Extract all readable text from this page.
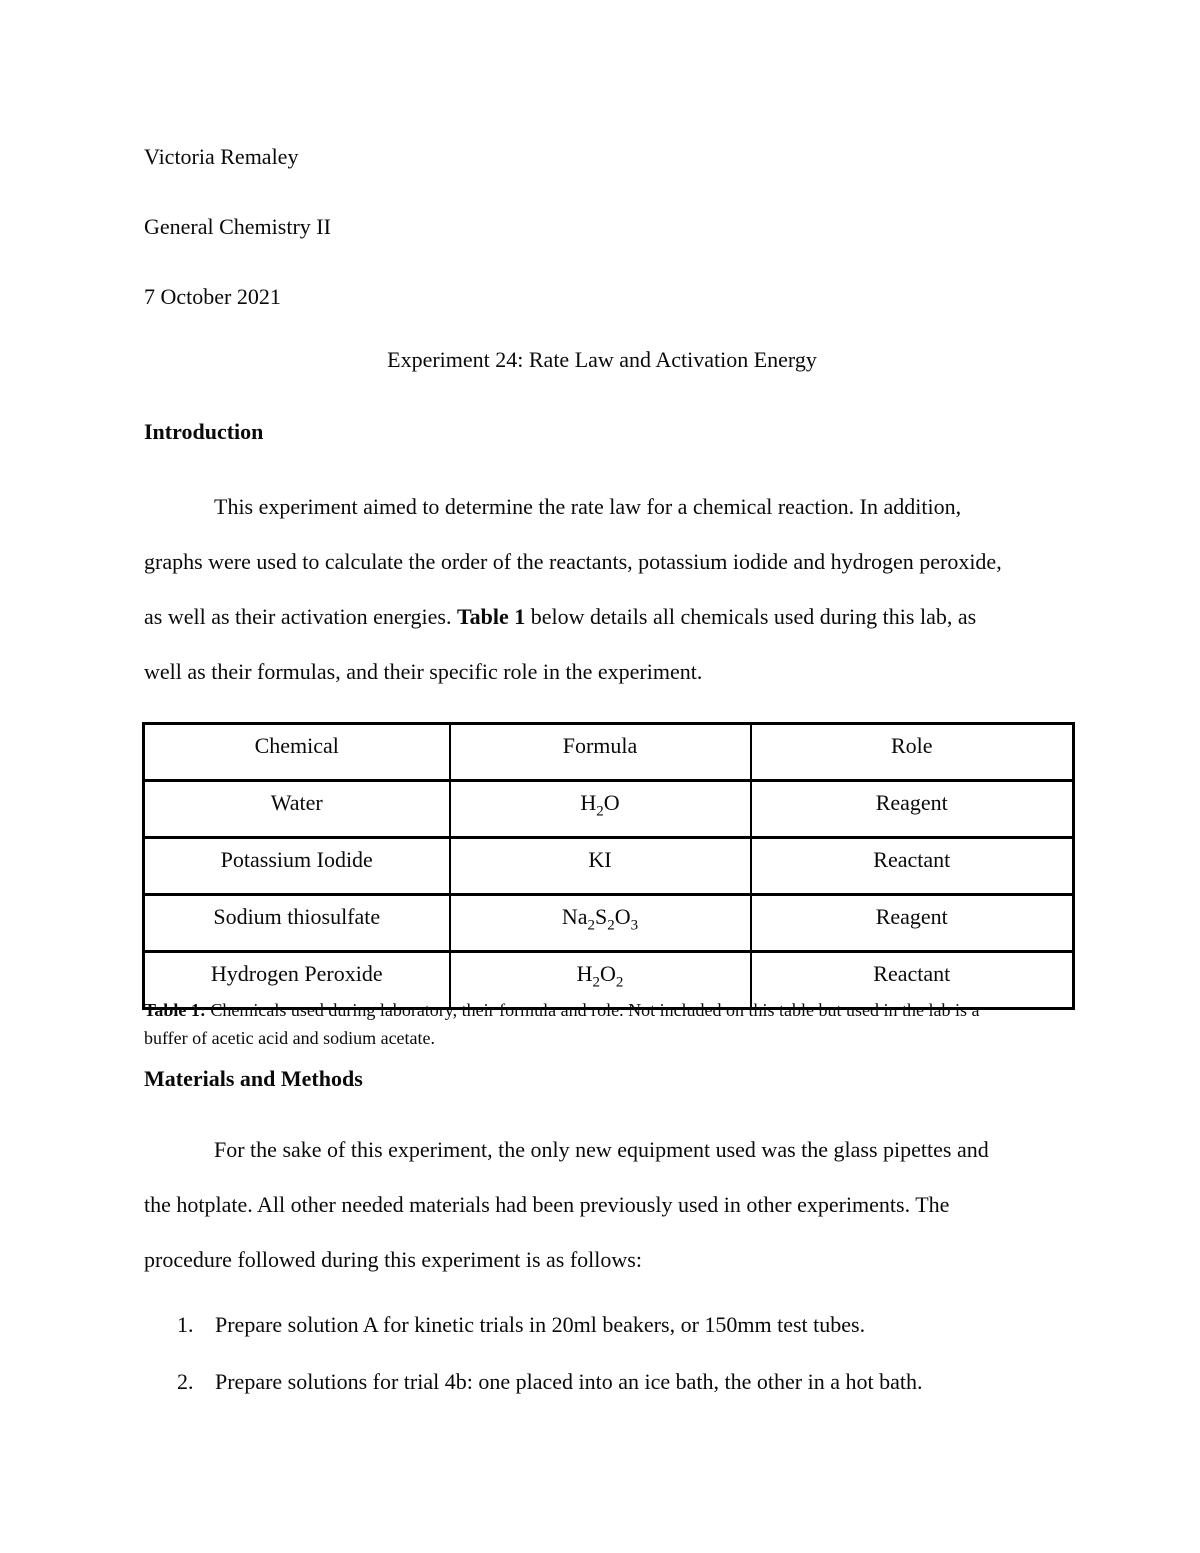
Victoria Remaley

General Chemistry II

7 October 2021

Experiment 24: Rate Law and Activation Energy

Introduction
This experiment aimed to determine the rate law for a chemical reaction. In addition,
graphs were used to calculate the order of the reactants, potassium iodide and hydrogen peroxide,
as well as their activation energies. Table 1 below details all chemicals used during this lab, as
well as their formulas, and their specific role in the experiment.
Chemical	Formula	Role
Water	$H_2O$	Reagent
Potassium Iodide	KI	Reactant
Sodium thiosulfate	$Na_2S_2O_3$	Reagent
Hydrogen Peroxide	$H_2O_2$	Reactant
Table 1: Chemicals used during laboratory, their formula and role. Not included on this table but used in the lab is a
buffer of acetic acid and sodium acetate.
Materials and Methods
For the sake of this experiment, the only new equipment used was the glass pipettes and
the hotplate. All other needed materials had been previously used in other experiments. The
procedure followed during this experiment is as follows:
1. Prepare solution A for kinetic trials in 20ml beakers, or 150mm test tubes.
2. Prepare solutions for trial 4b: one placed into an ice bath, the other in a hot bath.
